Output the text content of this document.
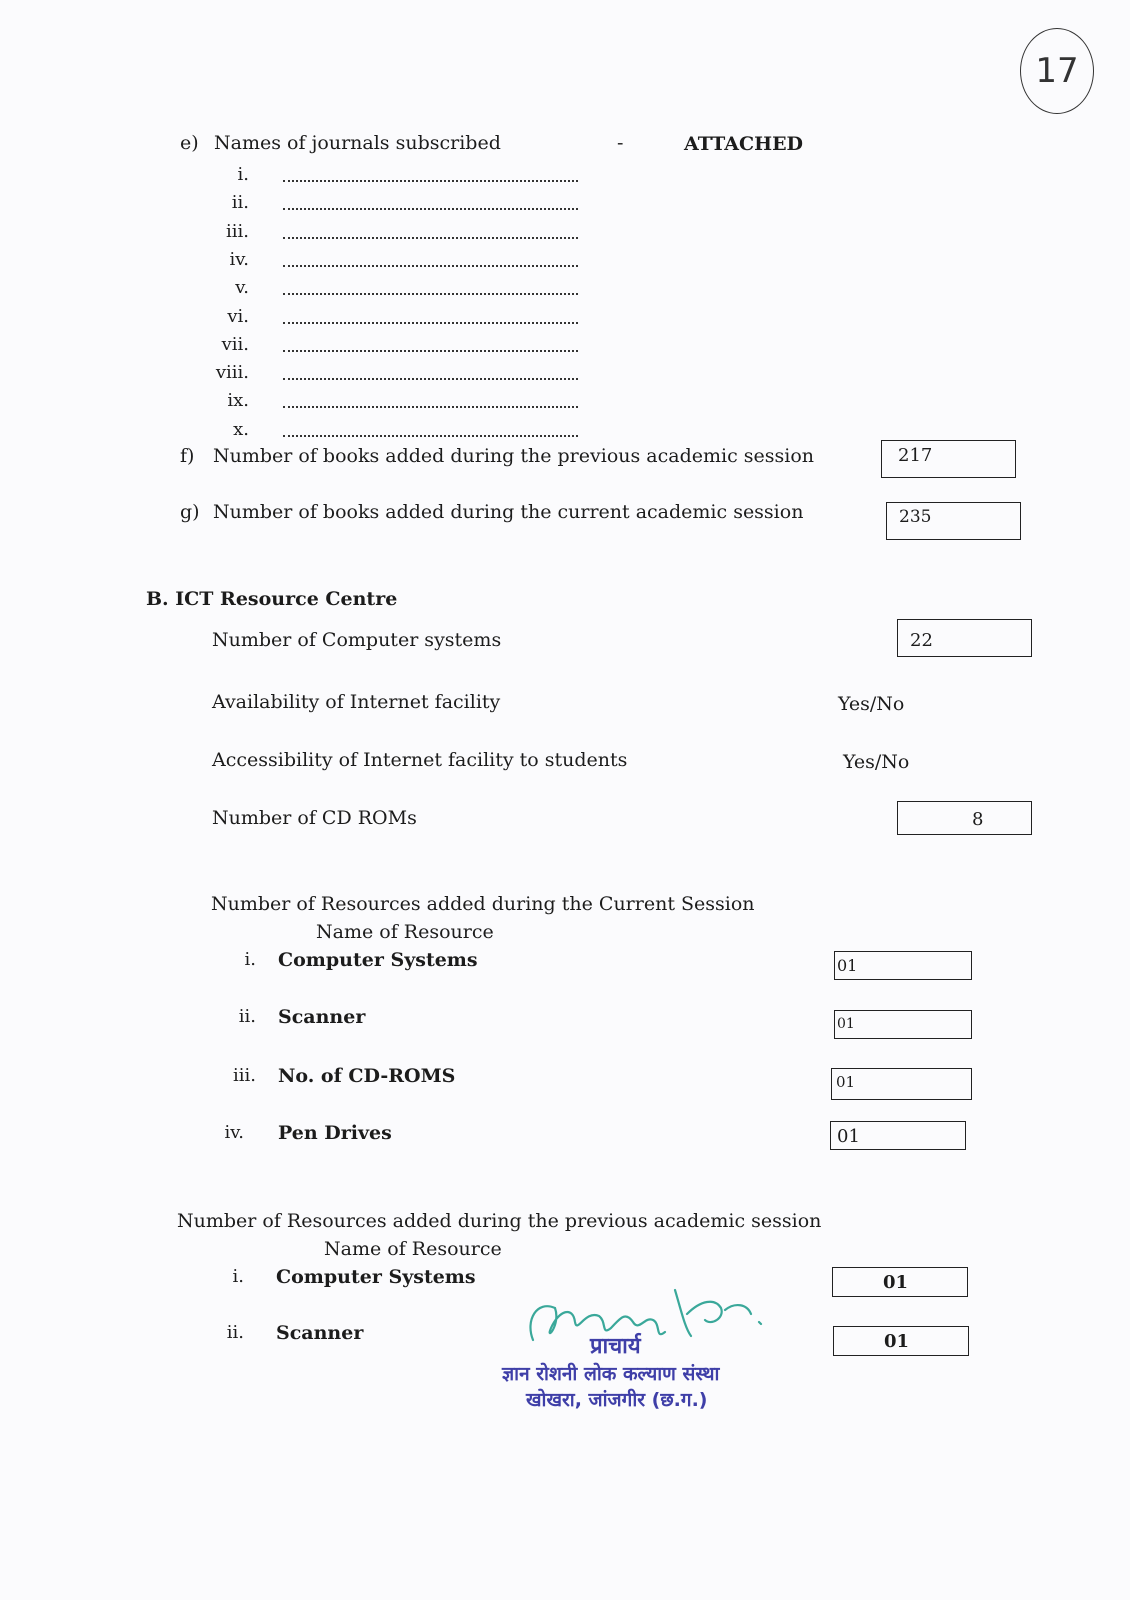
17
e) Names of journals subscribed	-	ATTACHED
i.
ii.
iii.
iv.
v.
vi.
vii.
viii.
ix.
x.
f) Number of books added during the previous academic session	217
g) Number of books added during the current academic session	235
B. ICT Resource Centre
Number of Computer systems	22
Availability of Internet facility	Yes/No
Accessibility of Internet facility to students	Yes/No
Number of CD ROMs	8
Number of Resources added during the Current Session
Name of Resource
i. Computer Systems	01
ii. Scanner	01
iii. No. of CD-ROMS	01
iv. Pen Drives	01
Number of Resources added during the previous academic session
Name of Resource
i. Computer Systems	01
ii. Scanner	01
प्राचार्य
ज्ञान रोशनी लोक कल्याण संस्था
खोखरा, जांजगीर (छ.ग.)
